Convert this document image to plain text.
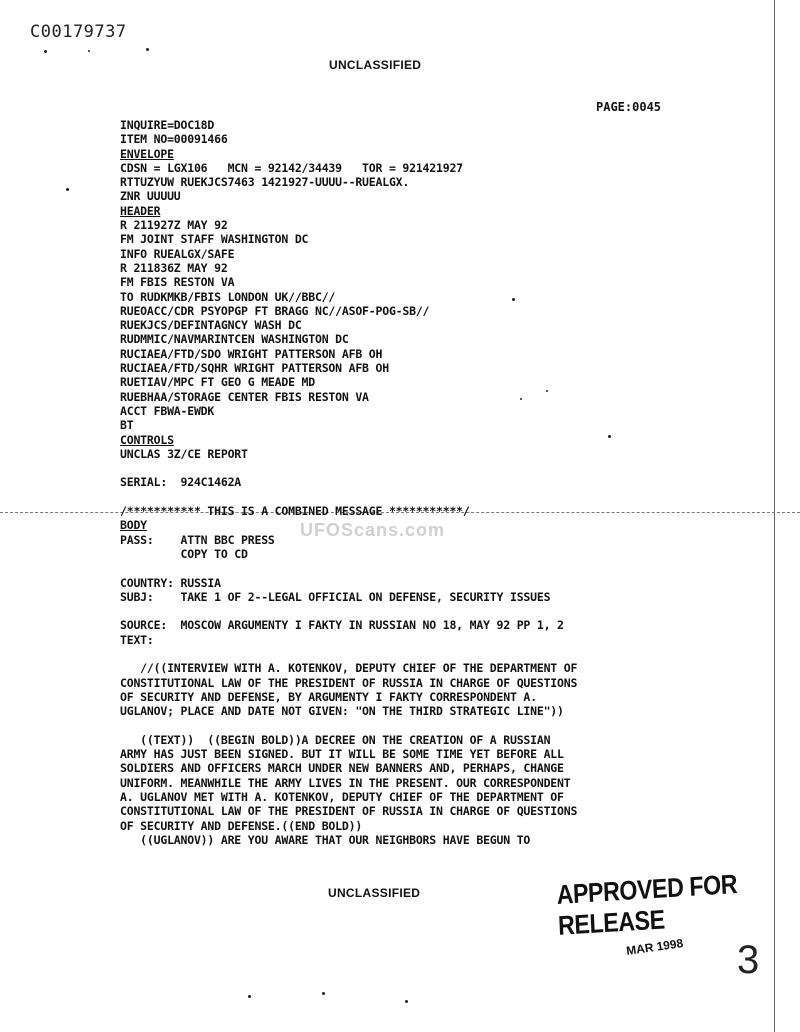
C00179737
UNCLASSIFIED
PAGE:0045
INQUIRE=DOC18D
ITEM NO=00091466
ENVELOPE
CDSN = LGX106   MCN = 92142/34439   TOR = 921421927
RTTUZYUW RUEKJCS7463 1421927-UUUU--RUEALGX.
ZNR UUUUU
HEADER
R 211927Z MAY 92
FM JOINT STAFF WASHINGTON DC
INFO RUEALGX/SAFE
R 211836Z MAY 92
FM FBIS RESTON VA
TO RUDKMKB/FBIS LONDON UK//BBC//
RUEOACC/CDR PSYOPGP FT BRAGG NC//ASOF-POG-SB//
RUEKJCS/DEFINTAGNCY WASH DC
RUDMMIC/NAVMARINTCEN WASHINGTON DC
RUCIAEA/FTD/SDO WRIGHT PATTERSON AFB OH
RUCIAEA/FTD/SQHR WRIGHT PATTERSON AFB OH
RUETIAV/MPC FT GEO G MEADE MD
RUEBHAA/STORAGE CENTER FBIS RESTON VA
ACCT FBWA-EWDK
BT
CONTROLS
UNCLAS 3Z/CE REPORT
SERIAL:  924C1462A
/*********** THIS IS A COMBINED MESSAGE ***********/
BODY
PASS:    ATTN BBC PRESS
COPY TO CD
COUNTRY: RUSSIA
SUBJ:    TAKE 1 OF 2--LEGAL OFFICIAL ON DEFENSE, SECURITY ISSUES
SOURCE:  MOSCOW ARGUMENTY I FAKTY IN RUSSIAN NO 18, MAY 92 PP 1, 2
TEXT:
//((INTERVIEW WITH A. KOTENKOV, DEPUTY CHIEF OF THE DEPARTMENT OF
CONSTITUTIONAL LAW OF THE PRESIDENT OF RUSSIA IN CHARGE OF QUESTIONS
OF SECURITY AND DEFENSE, BY ARGUMENTY I FAKTY CORRESPONDENT A.
UGLANOV; PLACE AND DATE NOT GIVEN: "ON THE THIRD STRATEGIC LINE"))
((TEXT))  ((BEGIN BOLD))A DECREE ON THE CREATION OF A RUSSIAN
ARMY HAS JUST BEEN SIGNED. BUT IT WILL BE SOME TIME YET BEFORE ALL
SOLDIERS AND OFFICERS MARCH UNDER NEW BANNERS AND, PERHAPS, CHANGE
UNIFORM. MEANWHILE THE ARMY LIVES IN THE PRESENT. OUR CORRESPONDENT
A. UGLANOV MET WITH A. KOTENKOV, DEPUTY CHIEF OF THE DEPARTMENT OF
CONSTITUTIONAL LAW OF THE PRESIDENT OF RUSSIA IN CHARGE OF QUESTIONS
OF SECURITY AND DEFENSE.((END BOLD))
((UGLANOV)) ARE YOU AWARE THAT OUR NEIGHBORS HAVE BEGUN TO
UFOScans.com
UNCLASSIFIED	APPROVED FOR RELEASE
MAR 1998 3
